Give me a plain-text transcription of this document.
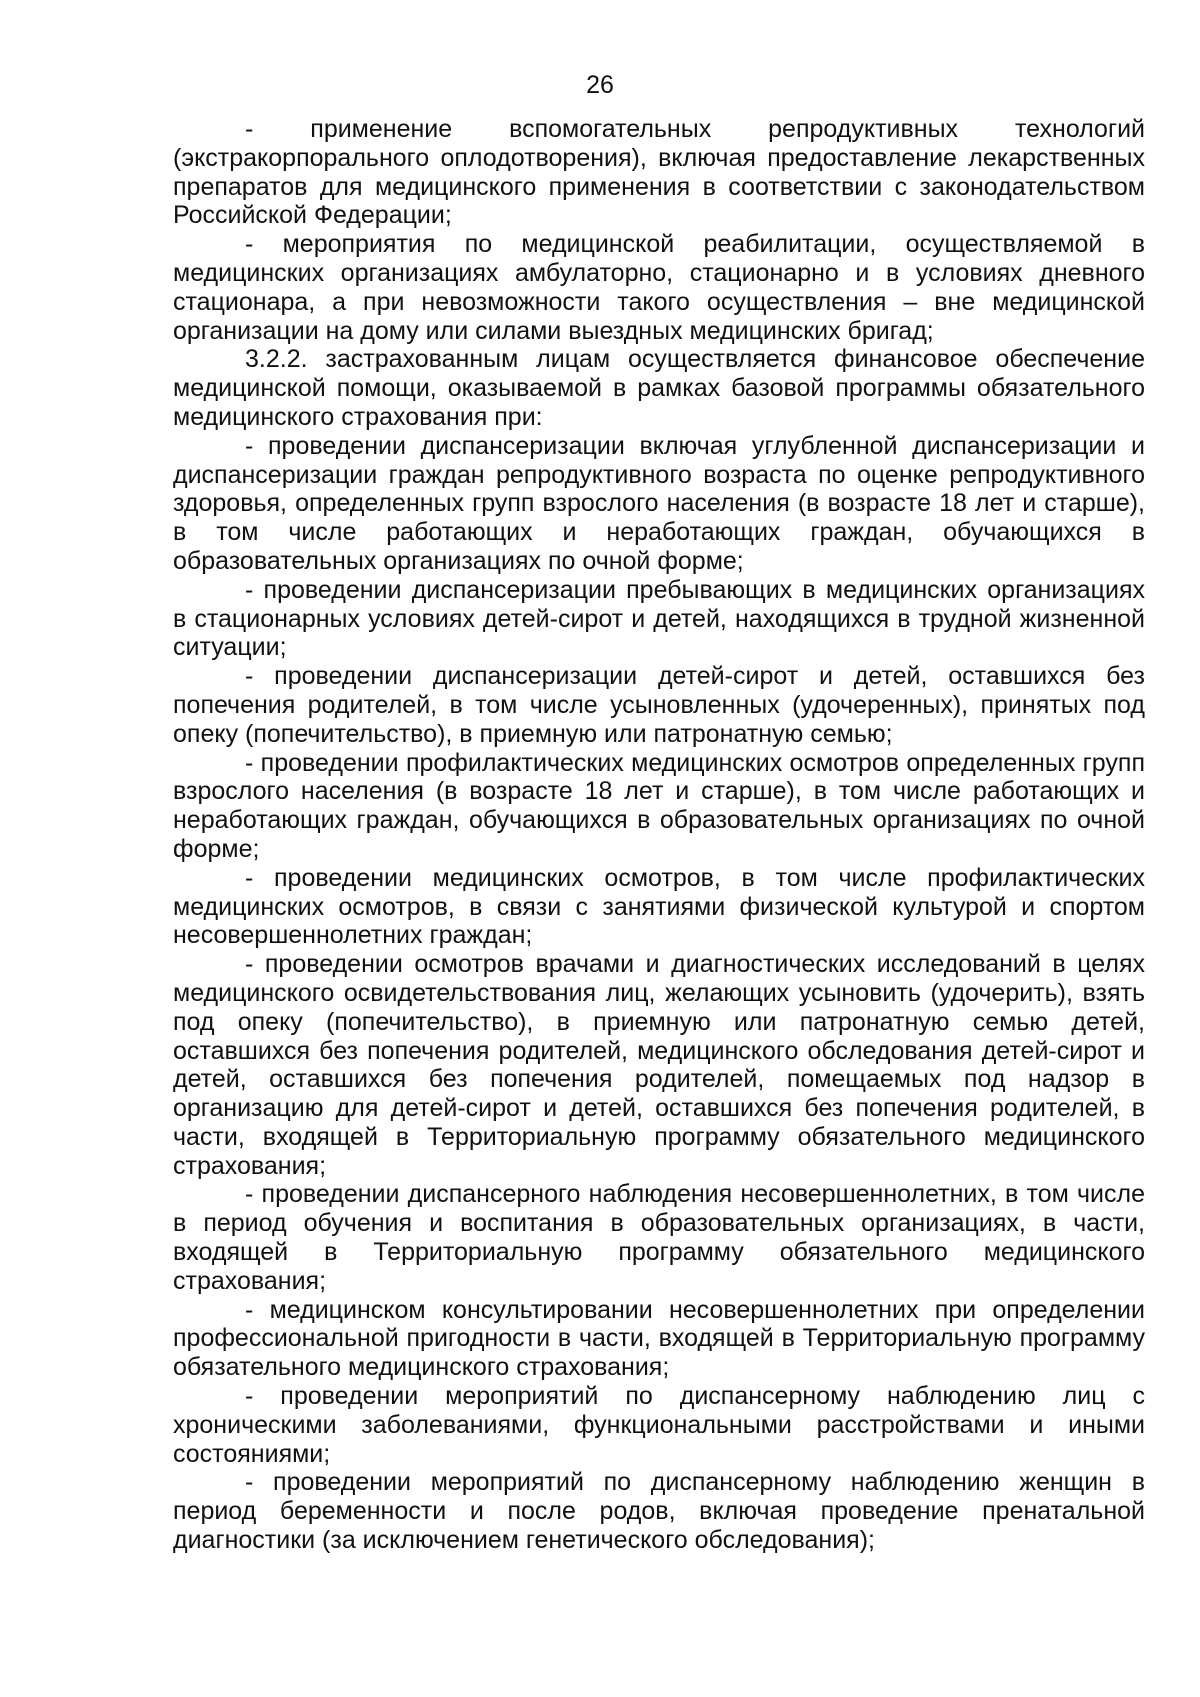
26

- применение вспомогательных репродуктивных технологий (экстракорпорального оплодотворения), включая предоставление лекарственных препаратов для медицинского применения в соответствии с законодательством Российской Федерации;

- мероприятия по медицинской реабилитации, осуществляемой в медицинских организациях амбулаторно, стационарно и в условиях дневного стационара, а при невозможности такого осуществления – вне медицинской организации на дому или силами выездных медицинских бригад;

3.2.2. застрахованным лицам осуществляется финансовое обеспечение медицинской помощи, оказываемой в рамках базовой программы обязательного медицинского страхования при:

- проведении диспансеризации включая углубленной диспансеризации и диспансеризации граждан репродуктивного возраста по оценке репродуктивного здоровья, определенных групп взрослого населения (в возрасте 18 лет и старше), в том числе работающих и неработающих граждан, обучающихся в образовательных организациях по очной форме;

- проведении диспансеризации пребывающих в медицинских организациях в стационарных условиях детей-сирот и детей, находящихся в трудной жизненной ситуации;

- проведении диспансеризации детей-сирот и детей, оставшихся без попечения родителей, в том числе усыновленных (удочеренных), принятых под опеку (попечительство), в приемную или патронатную семью;

- проведении профилактических медицинских осмотров определенных групп взрослого населения (в возрасте 18 лет и старше), в том числе работающих и неработающих граждан, обучающихся в образовательных организациях по очной форме;

- проведении медицинских осмотров, в том числе профилактических медицинских осмотров, в связи с занятиями физической культурой и спортом несовершеннолетних граждан;

- проведении осмотров врачами и диагностических исследований в целях медицинского освидетельствования лиц, желающих усыновить (удочерить), взять под опеку (попечительство), в приемную или патронатную семью детей, оставшихся без попечения родителей, медицинского обследования детей-сирот и детей, оставшихся без попечения родителей, помещаемых под надзор в организацию для детей-сирот и детей, оставшихся без попечения родителей, в части, входящей в Территориальную программу обязательного медицинского страхования;

- проведении диспансерного наблюдения несовершеннолетних, в том числе в период обучения и воспитания в образовательных организациях, в части, входящей в Территориальную программу обязательного медицинского страхования;

- медицинском консультировании несовершеннолетних при определении профессиональной пригодности в части, входящей в Территориальную программу обязательного медицинского страхования;

- проведении мероприятий по диспансерному наблюдению лиц с хроническими заболеваниями, функциональными расстройствами и иными состояниями;

- проведении мероприятий по диспансерному наблюдению женщин в период беременности и после родов, включая проведение пренатальной диагностики (за исключением генетического обследования);
